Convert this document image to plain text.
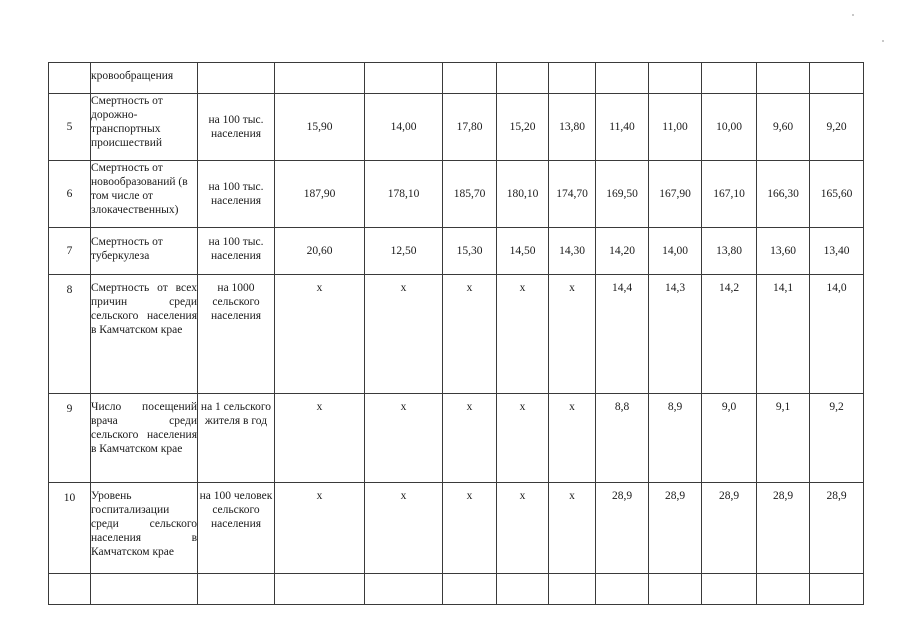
	кровообращения											
5	Смертность от дорожно-транспортных происшествий	на 100 тыс. населения	15,90	14,00	17,80	15,20	13,80	11,40	11,00	10,00	9,60	9,20
6	Смертность от новообразований (в том числе от злокачественных)	на 100 тыс. населения	187,90	178,10	185,70	180,10	174,70	169,50	167,90	167,10	166,30	165,60
7	Смертность от туберкулеза	на 100 тыс. населения	20,60	12,50	15,30	14,50	14,30	14,20	14,00	13,80	13,60	13,40
8	Смертность от всех причин среди сельского населения в Камчатском крае	на 1000 сельского населения	х	х	х	х	х	14,4	14,3	14,2	14,1	14,0
9	Число посещений врача среди сельского населения в Камчатском крае	на 1 сельского жителя в год	х	х	х	х	х	8,8	8,9	9,0	9,1	9,2
10	Уровень госпитализации среди сельского населения в Камчатском крае	на 100 человек сельского населения	х	х	х	х	х	28,9	28,9	28,9	28,9	28,9
